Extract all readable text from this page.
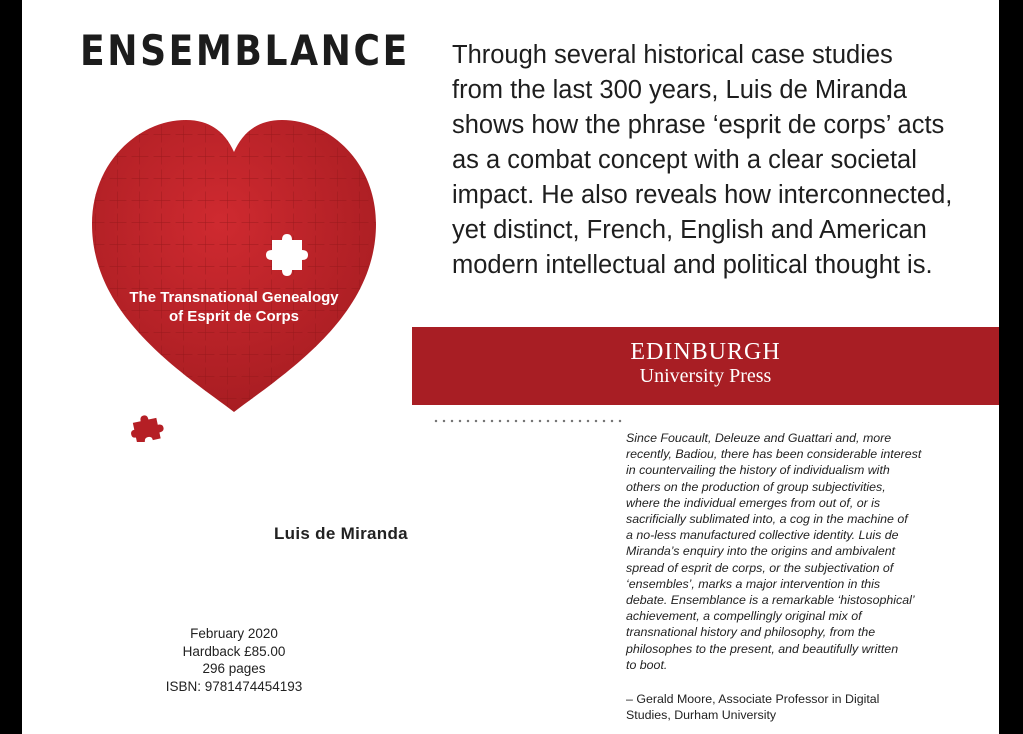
ENSEMBLANCE
The Transnational Genealogy
of Esprit de Corps
Through several historical case studies
from the last 300 years, Luis de Miranda
shows how the phrase ‘esprit de corps’ acts
as a combat concept with a clear societal
impact. He also reveals how interconnected,
yet distinct, French, English and American
modern intellectual and political thought is.
EDINBURGH
University Press
Luis de Miranda
February 2020
Hardback £85.00
296 pages
ISBN: 9781474454193
Since Foucault, Deleuze and Guattari and, more
recently, Badiou, there has been considerable interest
in countervailing the history of individualism with
others on the production of group subjectivities,
where the individual emerges from out of, or is
sacrificially sublimated into, a cog in the machine of
a no-less manufactured collective identity. Luis de
Miranda’s enquiry into the origins and ambivalent
spread of esprit de corps, or the subjectivation of
‘ensembles’, marks a major intervention in this
debate. Ensemblance is a remarkable ‘histosophical’
achievement, a compellingly original mix of
transnational history and philosophy, from the
philosophes to the present, and beautifully written
to boot.
– Gerald Moore, Associate Professor in Digital
Studies, Durham University
